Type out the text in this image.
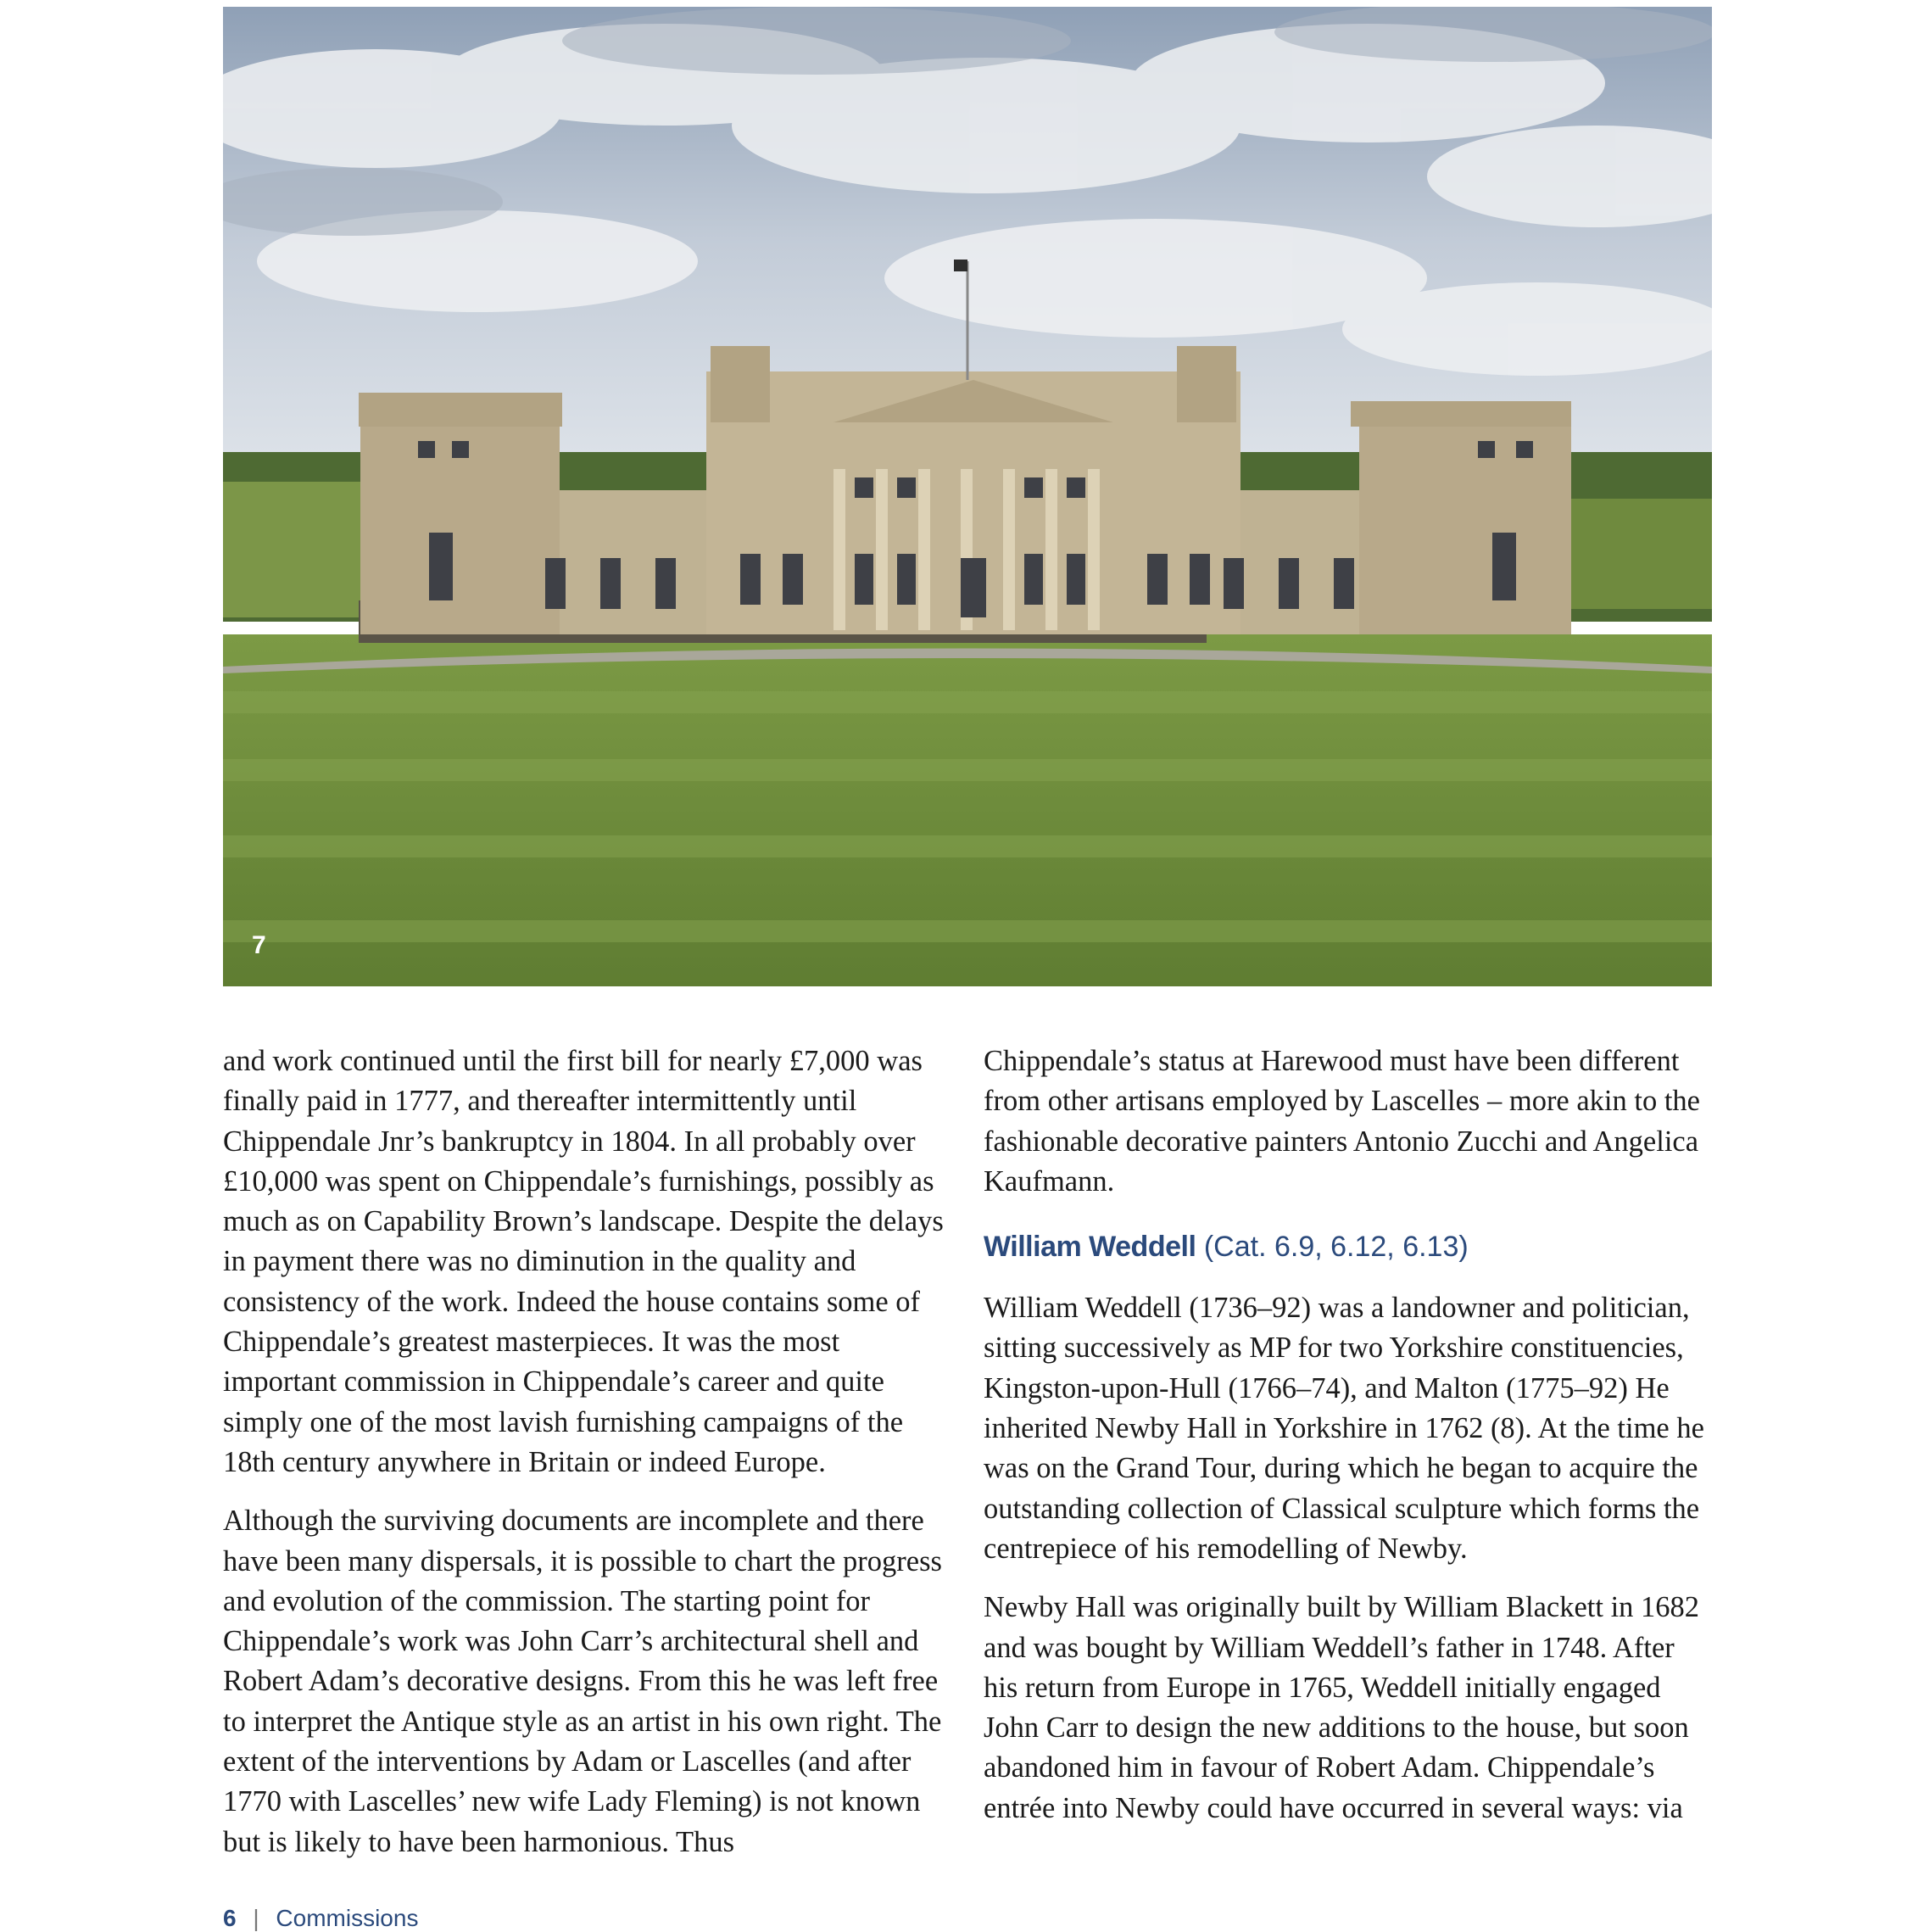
7

and work continued until the first bill for nearly £7,000 was finally paid in 1777, and thereafter intermittently until Chippendale Jnr’s bankruptcy in 1804. In all probably over £10,000 was spent on Chippendale’s furnishings, possibly as much as on Capability Brown’s landscape. Despite the delays in payment there was no diminution in the quality and consistency of the work. Indeed the house contains some of Chippendale’s greatest masterpieces. It was the most important commission in Chippendale’s career and quite simply one of the most lavish furnishing campaigns of the 18th century anywhere in Britain or indeed Europe.

Although the surviving documents are incomplete and there have been many dispersals, it is possible to chart the progress and evolution of the commission. The starting point for Chippendale’s work was John Carr’s architectural shell and Robert Adam’s decorative designs. From this he was left free to interpret the Antique style as an artist in his own right. The extent of the interventions by Adam or Lascelles (and after 1770 with Lascelles’ new wife Lady Fleming) is not known but is likely to have been harmonious. Thus

Chippendale’s status at Harewood must have been different from other artisans employed by Lascelles – more akin to the fashionable decorative painters Antonio Zucchi and Angelica Kaufmann.

William Weddell (Cat. 6.9, 6.12, 6.13)

William Weddell (1736–92) was a landowner and politician, sitting successively as MP for two Yorkshire constituencies, Kingston-upon-Hull (1766–74), and Malton (1775–92) He inherited Newby Hall in Yorkshire in 1762 (8). At the time he was on the Grand Tour, during which he began to acquire the outstanding collection of Classical sculpture which forms the centrepiece of his remodelling of Newby.

Newby Hall was originally built by William Blackett in 1682 and was bought by William Weddell’s father in 1748. After his return from Europe in 1765, Weddell initially engaged John Carr to design the new additions to the house, but soon abandoned him in favour of Robert Adam. Chippendale’s entrée into Newby could have occurred in several ways: via

6 | Commissions
